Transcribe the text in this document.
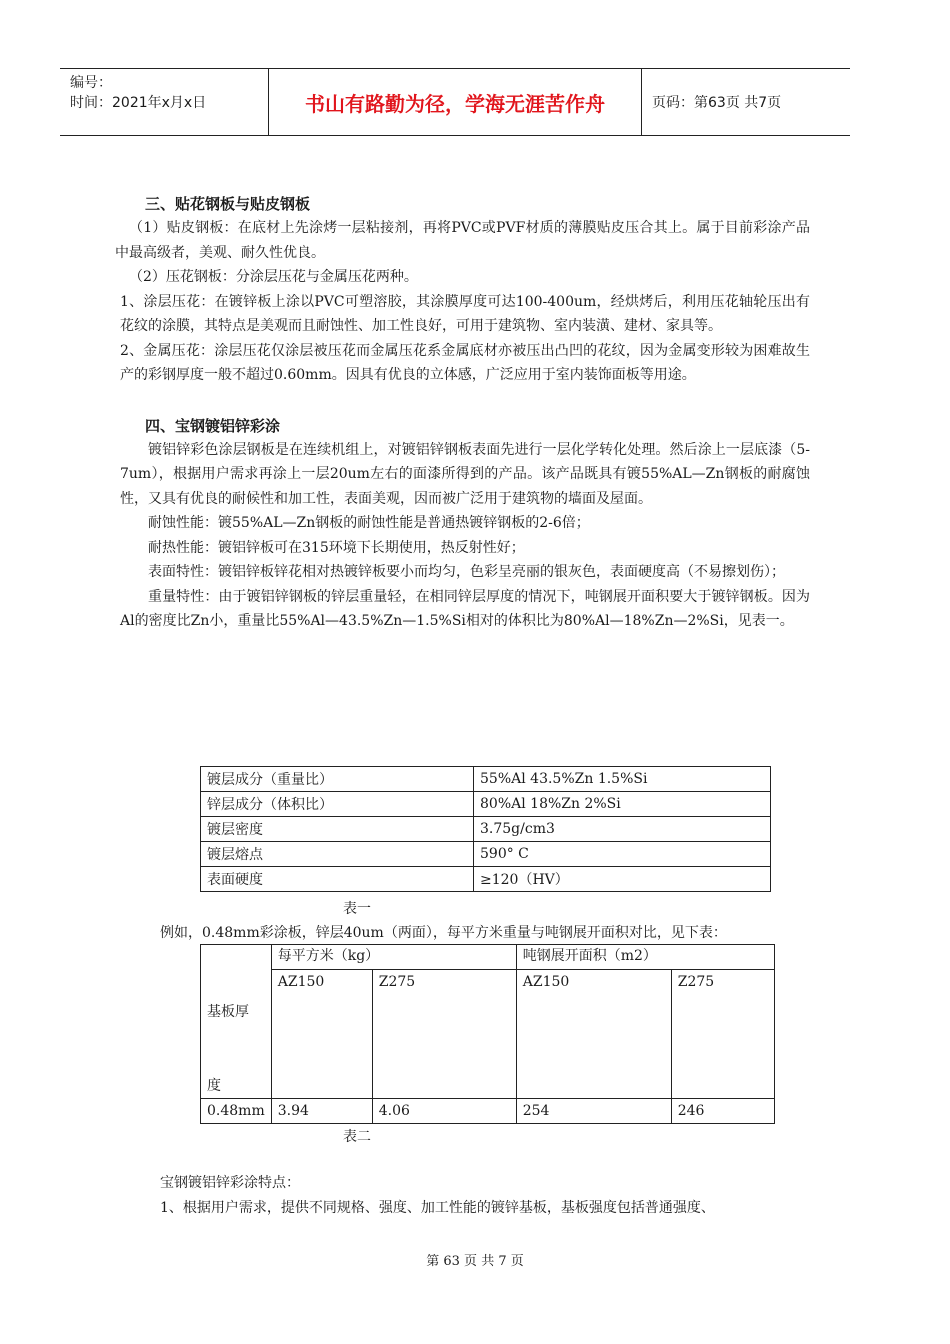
编号：
时间：2021年x月x日	书山有路勤为径，学海无涯苦作舟	页码：第63页 共7页
三、贴花钢板与贴皮钢板

（1）贴皮钢板：在底材上先涂烤一层粘接剂，再将PVC或PVF材质的薄膜贴皮压合其上。属于目前彩涂产品中最高级者，美观、耐久性优良。

（2）压花钢板：分涂层压花与金属压花两种。

1、涂层压花：在镀锌板上涂以PVC可塑溶胶，其涂膜厚度可达100-400um，经烘烤后，利用压花轴轮压出有花纹的涂膜，其特点是美观而且耐蚀性、加工性良好，可用于建筑物、室内装潢、建材、家具等。

2、金属压花：涂层压花仅涂层被压花而金属压花系金属底材亦被压出凸凹的花纹，因为金属变形较为困难故生产的彩钢厚度一般不超过0.60mm。因具有优良的立体感，广泛应用于室内装饰面板等用途。

四、宝钢镀铝锌彩涂

镀铝锌彩色涂层钢板是在连续机组上，对镀铝锌钢板表面先进行一层化学转化处理。然后涂上一层底漆（5-7um），根据用户需求再涂上一层20um左右的面漆所得到的产品。该产品既具有镀55%AL—Zn钢板的耐腐蚀性，又具有优良的耐候性和加工性，表面美观，因而被广泛用于建筑物的墙面及屋面。

耐蚀性能：镀55%AL—Zn钢板的耐蚀性能是普通热镀锌钢板的2-6倍；

耐热性能：镀铝锌板可在315环境下长期使用，热反射性好；

表面特性：镀铝锌板锌花相对热镀锌板要小而均匀，色彩呈亮丽的银灰色，表面硬度高（不易擦划伤）；

重量特性：由于镀铝锌钢板的锌层重量轻，在相同锌层厚度的情况下，吨钢展开面积要大于镀锌钢板。因为Al的密度比Zn小，重量比55%Al—43.5%Zn—1.5%Si相对的体积比为80%Al—18%Zn—2%Si，见表一。

镀层成分（重量比）	55%Al 43.5%Zn 1.5%Si
锌层成分（体积比）	80%Al 18%Zn 2%Si
镀层密度	3.75g/cm3
镀层熔点	590° C
表面硬度	≥120（HV）
表一
例如，0.48mm彩涂板，锌层40um（两面），每平方米重量与吨钢展开面积对比，见下表：
基板厚
度	每平方米（kg）		吨钢展开面积（m2）	
	AZ150	Z275	AZ150	Z275
0.48mm	3.94	4.06	254	246
表二
宝钢镀铝锌彩涂特点：
1、根据用户需求，提供不同规格、强度、加工性能的镀锌基板，基板强度包括普通强度、
第 63 页 共 7 页
